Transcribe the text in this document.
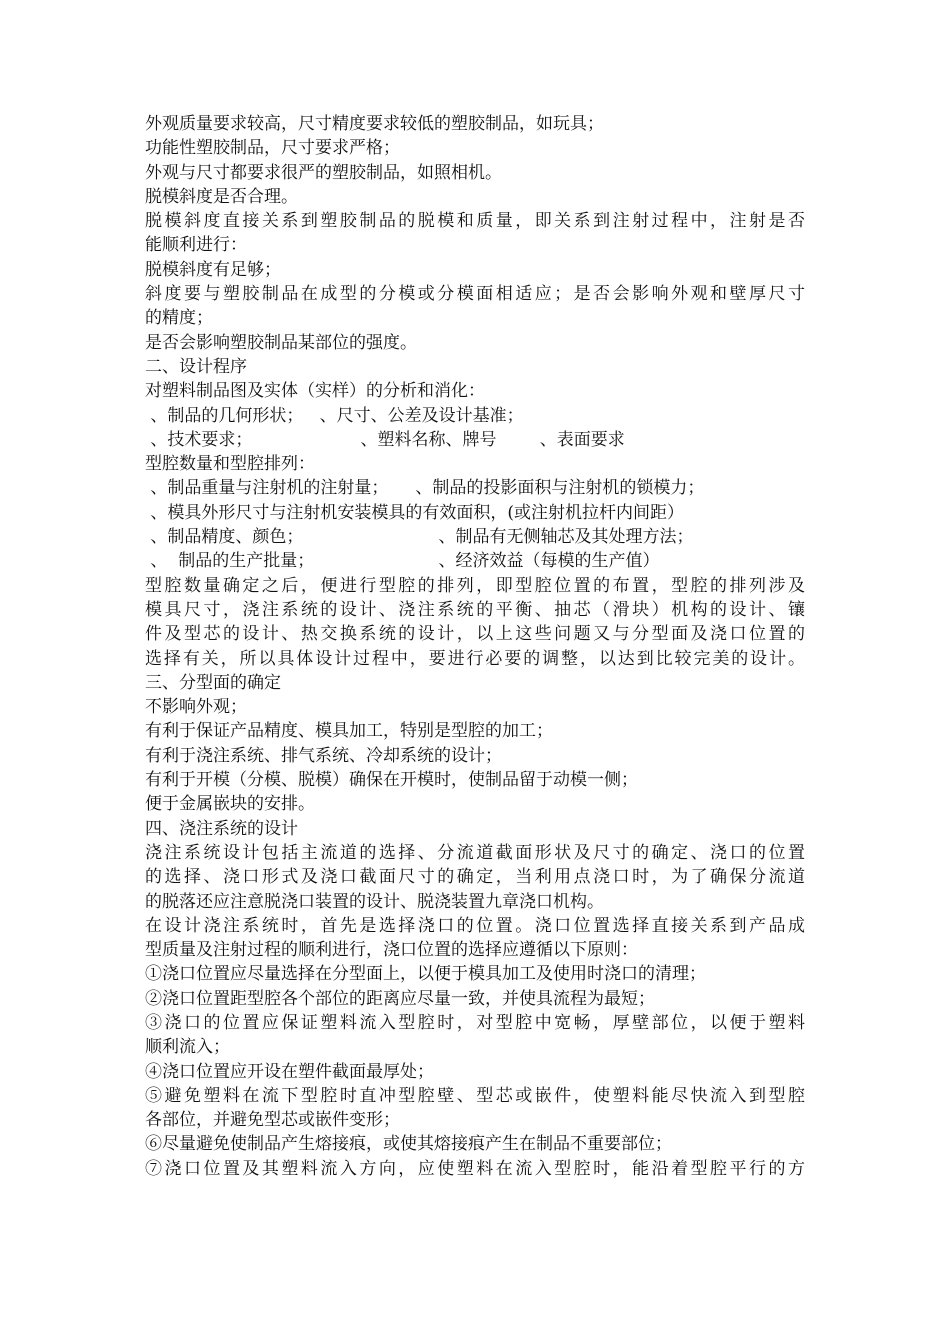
外观质量要求较高，尺寸精度要求较低的塑胶制品，如玩具；
功能性塑胶制品，尺寸要求严格；
外观与尺寸都要求很严的塑胶制品，如照相机。
脱模斜度是否合理。
脱模斜度直接关系到塑胶制品的脱模和质量，即关系到注射过程中，注射是否
能顺利进行：
脱模斜度有足够；
斜度要与塑胶制品在成型的分模或分模面相适应；是否会影响外观和壁厚尺寸
的精度；
是否会影响塑胶制品某部位的强度。
二、设计程序
对塑料制品图及实体（实样）的分析和消化：
、制品的几何形状；   、尺寸、公差及设计基准；
、技术要求；                    、塑料名称、牌号        、表面要求
型腔数量和型腔排列：
、制品重量与注射机的注射量；     、制品的投影面积与注射机的锁模力；
、模具外形尺寸与注射机安装模具的有效面积，(或注射机拉杆内间距）
、制品精度、颜色；                         、制品有无侧轴芯及其处理方法；
、  制品的生产批量；                       、经济效益（每模的生产值）
型腔数量确定之后，便进行型腔的排列，即型腔位置的布置，型腔的排列涉及
模具尺寸，浇注系统的设计、浇注系统的平衡、抽芯（滑块）机构的设计、镶
件及型芯的设计、热交换系统的设计，以上这些问题又与分型面及浇口位置的
选择有关，所以具体设计过程中，要进行必要的调整，以达到比较完美的设计。
三、分型面的确定
不影响外观；
有利于保证产品精度、模具加工，特别是型腔的加工；
有利于浇注系统、排气系统、冷却系统的设计；
有利于开模（分模、脱模）确保在开模时，使制品留于动模一侧；
便于金属嵌块的安排。
四、浇注系统的设计
浇注系统设计包括主流道的选择、分流道截面形状及尺寸的确定、浇口的位置
的选择、浇口形式及浇口截面尺寸的确定，当利用点浇口时，为了确保分流道
的脱落还应注意脱浇口装置的设计、脱浇装置九章浇口机构。
在设计浇注系统时，首先是选择浇口的位置。浇口位置选择直接关系到产品成
型质量及注射过程的顺利进行，浇口位置的选择应遵循以下原则：
①浇口位置应尽量选择在分型面上，以便于模具加工及使用时浇口的清理；
②浇口位置距型腔各个部位的距离应尽量一致，并使具流程为最短；
③浇口的位置应保证塑料流入型腔时，对型腔中宽畅，厚壁部位，以便于塑料
顺利流入；
④浇口位置应开设在塑件截面最厚处；
⑤避免塑料在流下型腔时直冲型腔壁、型芯或嵌件，使塑料能尽快流入到型腔
各部位，并避免型芯或嵌件变形；
⑥尽量避免使制品产生熔接痕，或使其熔接痕产生在制品不重要部位；
⑦浇口位置及其塑料流入方向，应使塑料在流入型腔时，能沿着型腔平行的方
